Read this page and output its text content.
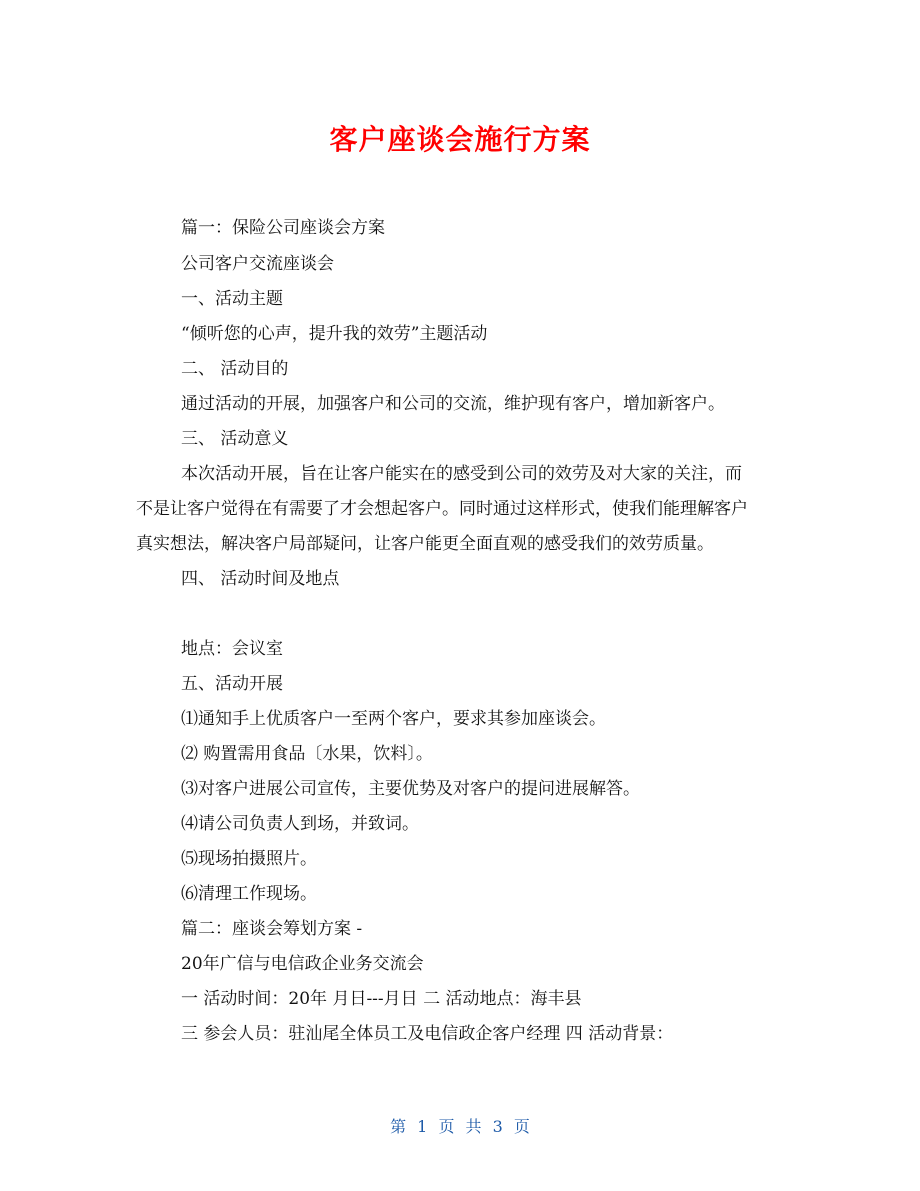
客户座谈会施行方案
篇一：保险公司座谈会方案
公司客户交流座谈会
一、活动主题
“倾听您的心声，提升我的效劳”主题活动
二、 活动目的
通过活动的开展，加强客户和公司的交流，维护现有客户，增加新客户。
三、 活动意义
本次活动开展，旨在让客户能实在的感受到公司的效劳及对大家的关注，而
不是让客户觉得在有需要了才会想起客户。同时通过这样形式，使我们能理解客户
真实想法，解决客户局部疑问，让客户能更全面直观的感受我们的效劳质量。
四、 活动时间及地点
地点：会议室
五、活动开展
⑴通知手上优质客户一至两个客户，要求其参加座谈会。
⑵ 购置需用食品〔水果，饮料〕。
⑶对客户进展公司宣传，主要优势及对客户的提问进展解答。
⑷请公司负责人到场，并致词。
⑸现场拍摄照片。
⑹清理工作现场。
篇二：座谈会筹划方案 -
20年广信与电信政企业务交流会
一 活动时间：20年 月日---月日 二 活动地点：海丰县
三 参会人员：驻汕尾全体员工及电信政企客户经理 四 活动背景：
第 1 页 共 3 页
